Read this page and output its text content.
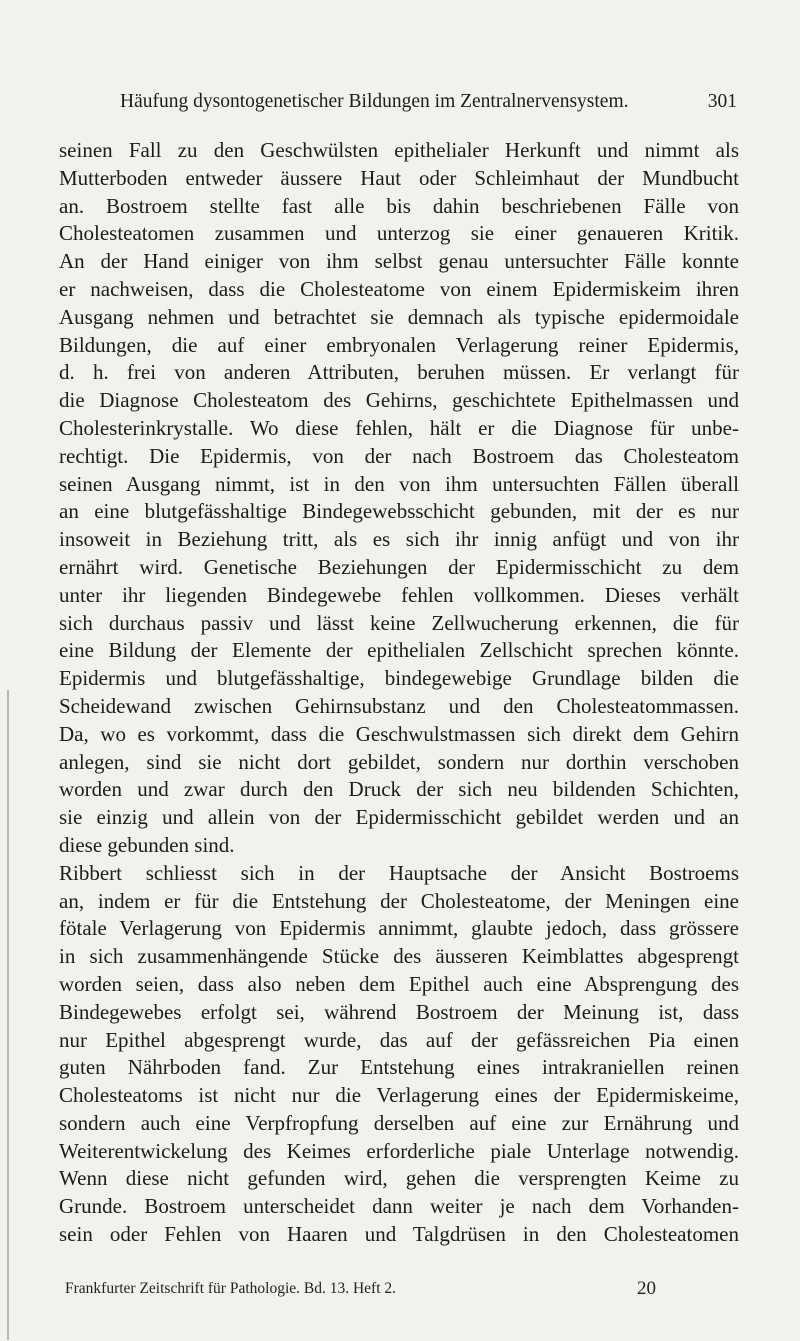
Häufung dysontogenetischer Bildungen im Zentralnervensystem.	301
seinen Fall zu den Geschwülsten epithelialer Herkunft und nimmt als
Mutterboden entweder äussere Haut oder Schleimhaut der Mundbucht
an. Bostroem stellte fast alle bis dahin beschriebenen Fälle von
Cholesteatomen zusammen und unterzog sie einer genaueren Kritik.
An der Hand einiger von ihm selbst genau untersuchter Fälle konnte
er nachweisen, dass die Cholesteatome von einem Epidermiskeim ihren
Ausgang nehmen und betrachtet sie demnach als typische epidermoidale
Bildungen, die auf einer embryonalen Verlagerung reiner Epidermis,
d. h. frei von anderen Attributen, beruhen müssen. Er verlangt für
die Diagnose Cholesteatom des Gehirns, geschichtete Epithelmassen und
Cholesterinkrystalle. Wo diese fehlen, hält er die Diagnose für unbe-
rechtigt. Die Epidermis, von der nach Bostroem das Cholesteatom
seinen Ausgang nimmt, ist in den von ihm untersuchten Fällen überall
an eine blutgefässhaltige Bindegewebsschicht gebunden, mit der es nur
insoweit in Beziehung tritt, als es sich ihr innig anfügt und von ihr
ernährt wird. Genetische Beziehungen der Epidermisschicht zu dem
unter ihr liegenden Bindegewebe fehlen vollkommen. Dieses verhält
sich durchaus passiv und lässt keine Zellwucherung erkennen, die für
eine Bildung der Elemente der epithelialen Zellschicht sprechen könnte.
Epidermis und blutgefässhaltige, bindegewebige Grundlage bilden die
Scheidewand zwischen Gehirnsubstanz und den Cholesteatommassen.
Da, wo es vorkommt, dass die Geschwulstmassen sich direkt dem Gehirn
anlegen, sind sie nicht dort gebildet, sondern nur dorthin verschoben
worden und zwar durch den Druck der sich neu bildenden Schichten,
sie einzig und allein von der Epidermisschicht gebildet werden und an
diese gebunden sind.
Ribbert schliesst sich in der Hauptsache der Ansicht Bostroems
an, indem er für die Entstehung der Cholesteatome, der Meningen eine
fötale Verlagerung von Epidermis annimmt, glaubte jedoch, dass grössere
in sich zusammenhängende Stücke des äusseren Keimblattes abgesprengt
worden seien, dass also neben dem Epithel auch eine Absprengung des
Bindegewebes erfolgt sei, während Bostroem der Meinung ist, dass
nur Epithel abgesprengt wurde, das auf der gefässreichen Pia einen
guten Nährboden fand. Zur Entstehung eines intrakraniellen reinen
Cholesteatoms ist nicht nur die Verlagerung eines der Epidermiskeime,
sondern auch eine Verpfropfung derselben auf eine zur Ernährung und
Weiterentwickelung des Keimes erforderliche piale Unterlage notwendig.
Wenn diese nicht gefunden wird, gehen die versprengten Keime zu
Grunde. Bostroem unterscheidet dann weiter je nach dem Vorhanden-
sein oder Fehlen von Haaren und Talgdrüsen in den Cholesteatomen
Frankfurter Zeitschrift für Pathologie. Bd. 13. Heft 2.	20
